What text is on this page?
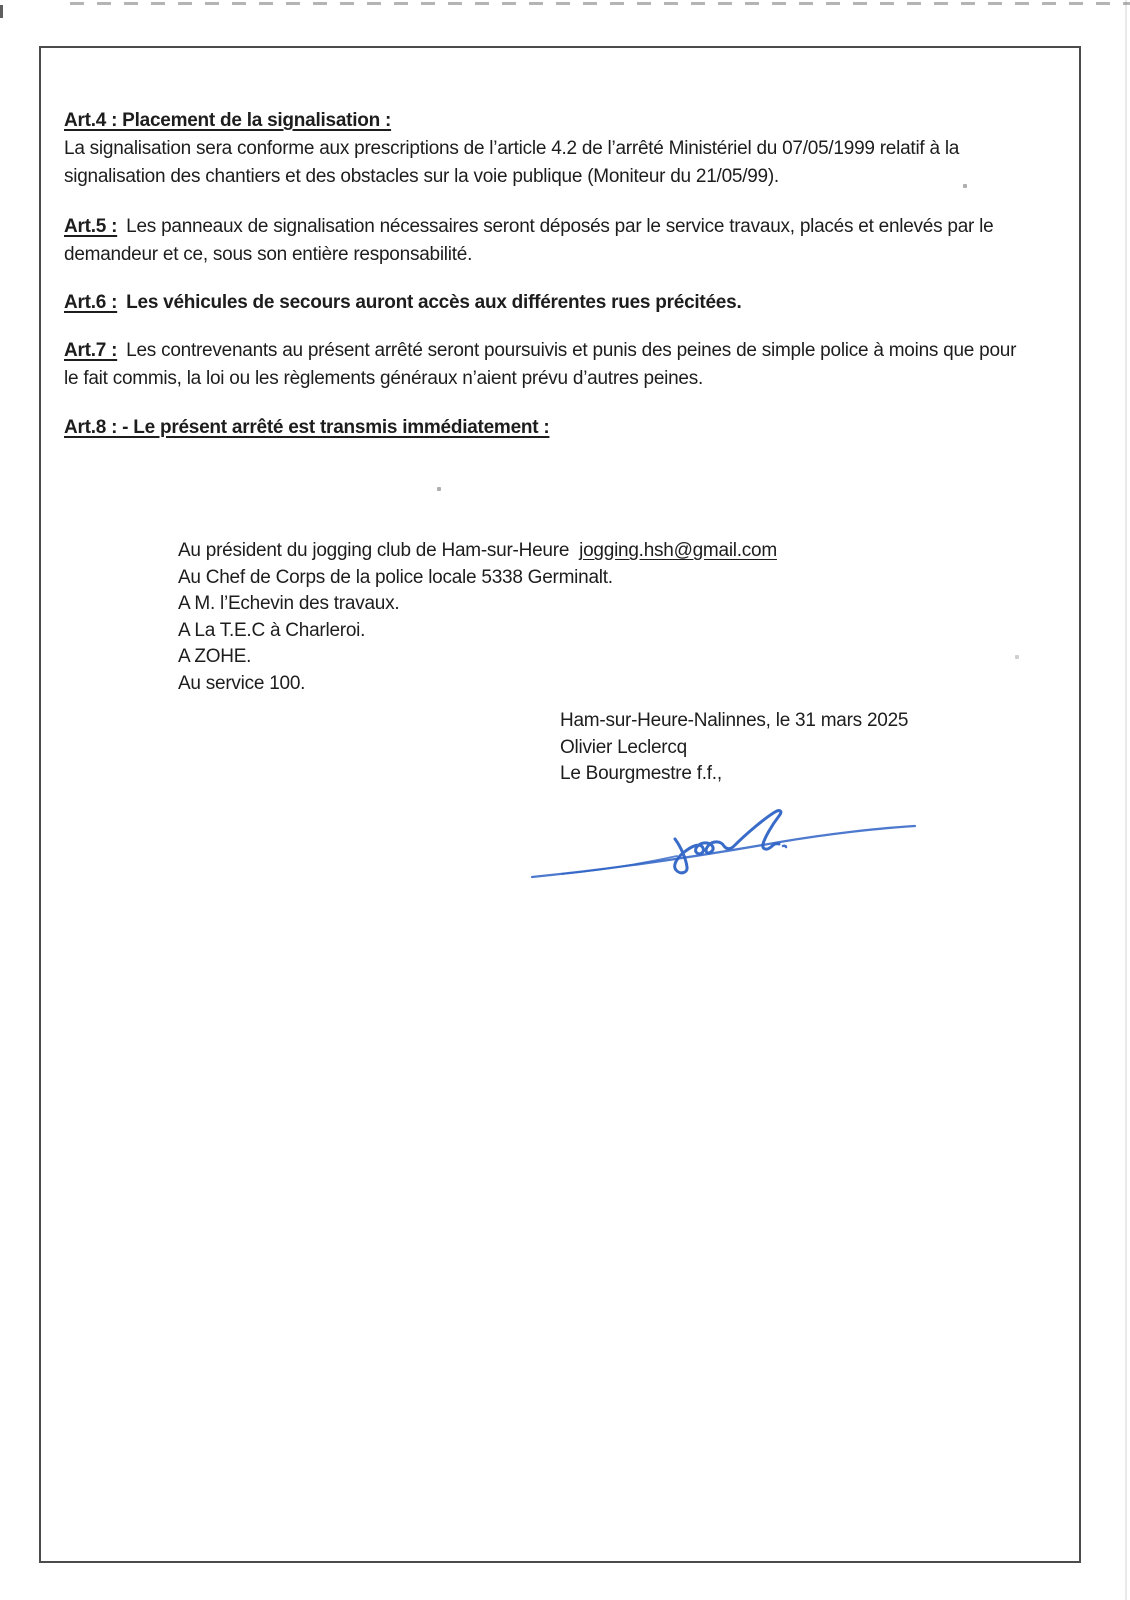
Art.4 : Placement de la signalisation :
La signalisation sera conforme aux prescriptions de l’article 4.2 de l’arrêté Ministériel du 07/05/1999 relatif à la
signalisation des chantiers et des obstacles sur la voie publique (Moniteur du 21/05/99).

Art.5 : Les panneaux de signalisation nécessaires seront déposés par le service travaux, placés et enlevés par le
demandeur et ce, sous son entière responsabilité.

Art.6 : Les véhicules de secours auront accès aux différentes rues précitées.

Art.7 : Les contrevenants au présent arrêté seront poursuivis et punis des peines de simple police à moins que pour
le fait commis, la loi ou les règlements généraux n’aient prévu d’autres peines.

Art.8 : - Le présent arrêté est transmis immédiatement :

Au président du jogging club de Ham-sur-Heure jogging.hsh@gmail.com

Au Chef de Corps de la police locale 5338 Germinalt.

A M. l’Echevin des travaux.

A La T.E.C à Charleroi.

A ZOHE.

Au service 100.

Ham-sur-Heure-Nalinnes, le 31 mars 2025
Olivier Leclercq
Le Bourgmestre f.f.,
